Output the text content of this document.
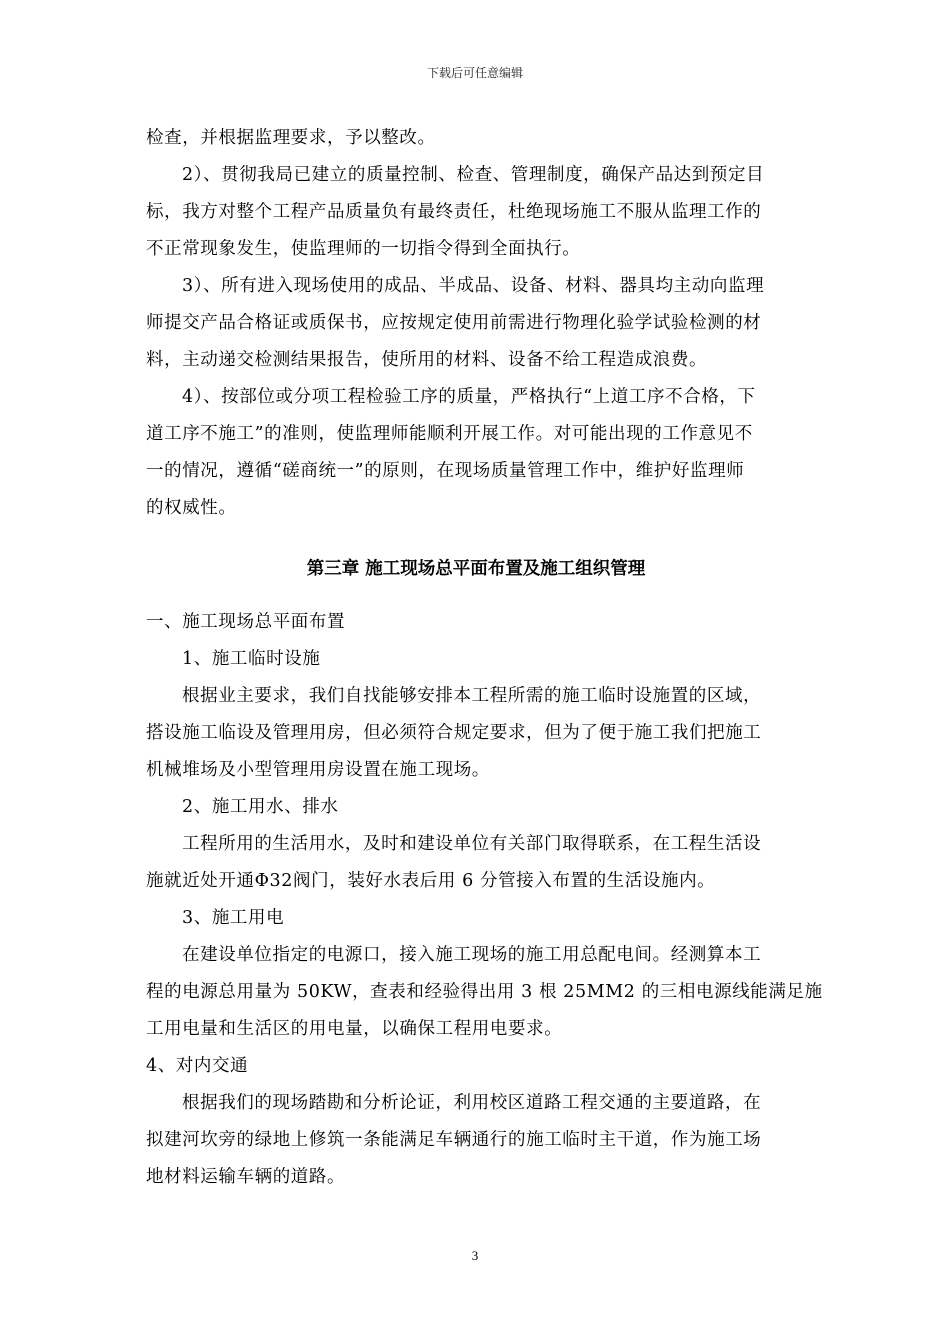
下载后可任意编辑

检查，并根据监理要求，予以整改。

2）、贯彻我局已建立的质量控制、检查、管理制度，确保产品达到预定目

标，我方对整个工程产品质量负有最终责任，杜绝现场施工不服从监理工作的

不正常现象发生，使监理师的一切指令得到全面执行。

3）、所有进入现场使用的成品、半成品、设备、材料、器具均主动向监理

师提交产品合格证或质保书，应按规定使用前需进行物理化验学试验检测的材

料，主动递交检测结果报告，使所用的材料、设备不给工程造成浪费。

4）、按部位或分项工程检验工序的质量，严格执行“上道工序不合格，下

道工序不施工”的准则，使监理师能顺利开展工作。对可能出现的工作意见不

一的情况，遵循“磋商统一”的原则，在现场质量管理工作中，维护好监理师

的权威性。

第三章 施工现场总平面布置及施工组织管理

一、施工现场总平面布置

1、施工临时设施

根据业主要求，我们自找能够安排本工程所需的施工临时设施置的区域，

搭设施工临设及管理用房，但必须符合规定要求，但为了便于施工我们把施工

机械堆场及小型管理用房设置在施工现场。

2、施工用水、排水

工程所用的生活用水，及时和建设单位有关部门取得联系，在工程生活设

施就近处开通Φ32阀门，装好水表后用 6 分管接入布置的生活设施内。

3、施工用电

在建设单位指定的电源口，接入施工现场的施工用总配电间。经测算本工

程的电源总用量为 50KW，查表和经验得出用 3 根 25MM2 的三相电源线能满足施

工用电量和生活区的用电量，以确保工程用电要求。

4、对内交通

根据我们的现场踏勘和分析论证，利用校区道路工程交通的主要道路，在

拟建河坎旁的绿地上修筑一条能满足车辆通行的施工临时主干道，作为施工场

地材料运输车辆的道路。

3
